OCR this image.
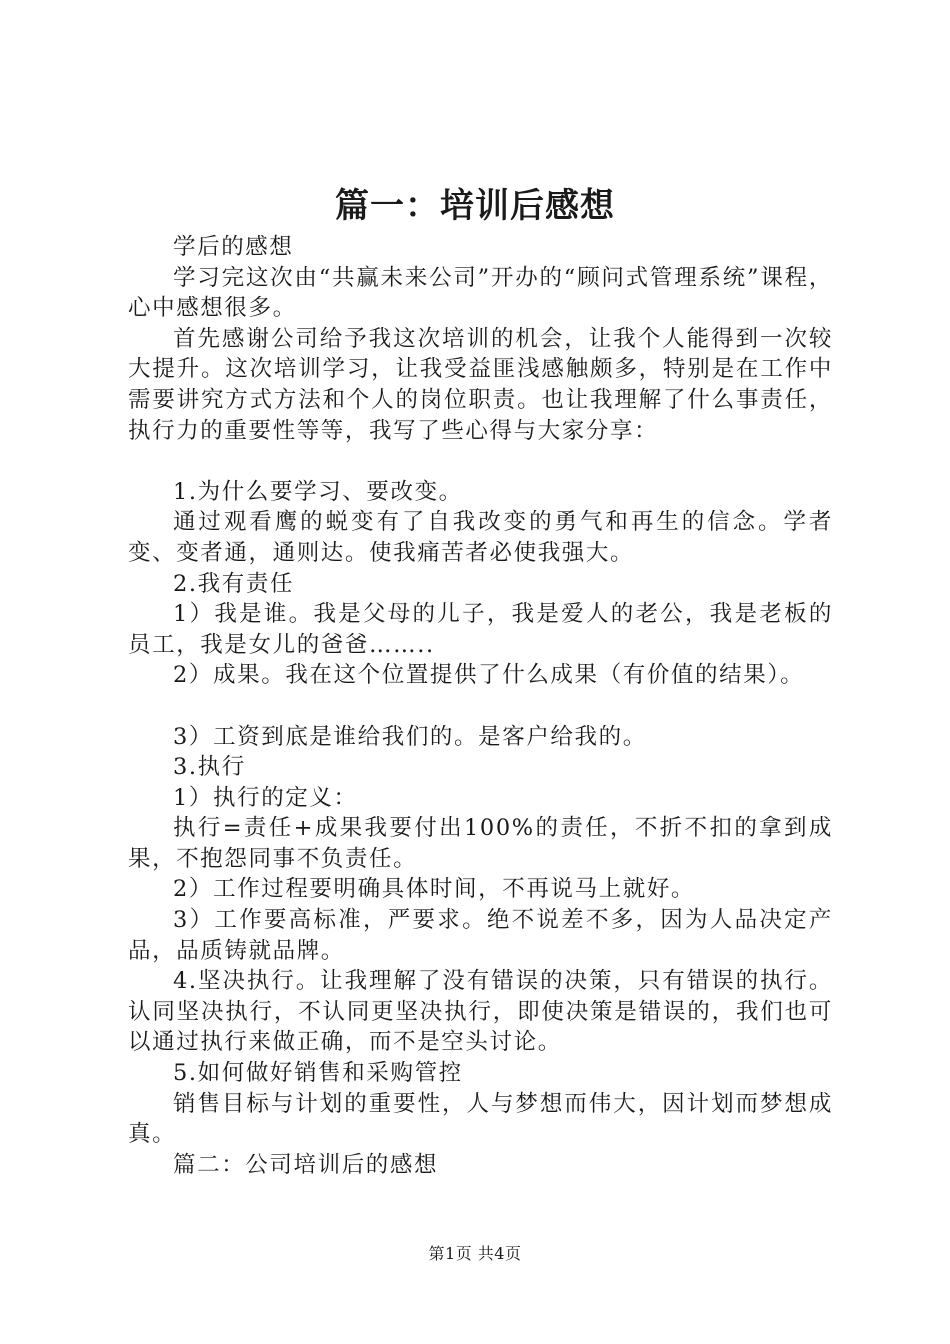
篇一：培训后感想

学后的感想

学习完这次由“共赢未来公司”开办的“顾问式管理系统”课程，心中感想很多。

首先感谢公司给予我这次培训的机会，让我个人能得到一次较大提升。这次培训学习，让我受益匪浅感触颇多，特别是在工作中需要讲究方式方法和个人的岗位职责。也让我理解了什么事责任，执行力的重要性等等，我写了些心得与大家分享：

1.为什么要学习、要改变。

通过观看鹰的蜕变有了自我改变的勇气和再生的信念。学者变、变者通，通则达。使我痛苦者必使我强大。

2.我有责任

1）我是谁。我是父母的儿子，我是爱人的老公，我是老板的员工，我是女儿的爸爸……..

2）成果。我在这个位置提供了什么成果（有价值的结果）。

3）工资到底是谁给我们的。是客户给我的。

3.执行

1）执行的定义：

执行=责任+成果我要付出100%的责任，不折不扣的拿到成果，不抱怨同事不负责任。

2）工作过程要明确具体时间，不再说马上就好。

3）工作要高标准，严要求。绝不说差不多，因为人品决定产品，品质铸就品牌。

4.坚决执行。让我理解了没有错误的决策，只有错误的执行。认同坚决执行，不认同更坚决执行，即使决策是错误的，我们也可以通过执行来做正确，而不是空头讨论。

5.如何做好销售和采购管控

销售目标与计划的重要性，人与梦想而伟大，因计划而梦想成真。

篇二：公司培训后的感想

第1页 共4页
